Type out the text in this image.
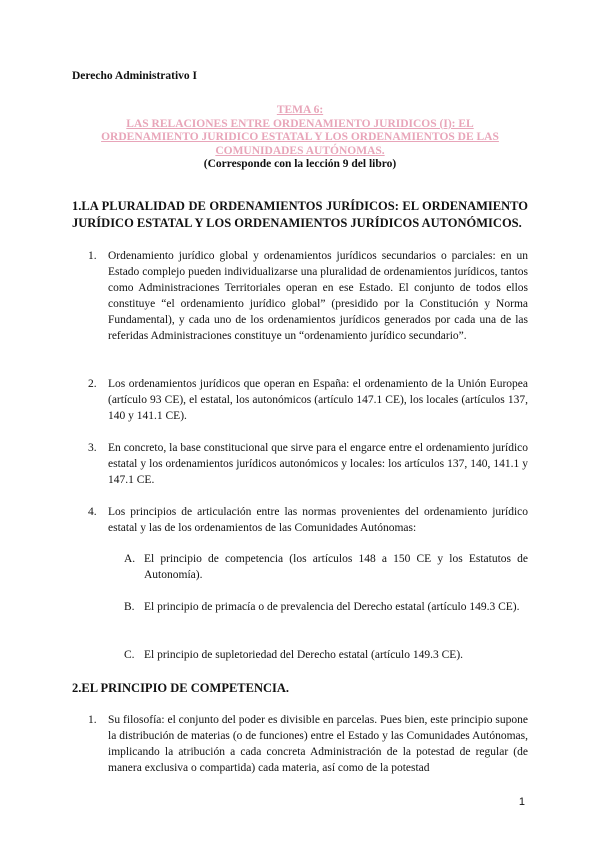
Derecho Administrativo I
TEMA 6:
LAS RELACIONES ENTRE ORDENAMIENTO JURIDICOS (I): EL
ORDENAMIENTO JURIDICO ESTATAL Y LOS ORDENAMIENTOS DE LAS
COMUNIDADES AUTÓNOMAS.
(Corresponde con la lección 9 del libro)
1.LA PLURALIDAD DE ORDENAMIENTOS JURÍDICOS: EL ORDENAMIENTO JURÍDICO ESTATAL Y LOS ORDENAMIENTOS JURÍDICOS AUTONÓMICOS.
1. Ordenamiento jurídico global y ordenamientos jurídicos secundarios o parciales: en un Estado complejo pueden individualizarse una pluralidad de ordenamientos jurídicos, tantos como Administraciones Territoriales operan en ese Estado. El conjunto de todos ellos constituye “el ordenamiento jurídico global” (presidido por la Constitución y Norma Fundamental), y cada uno de los ordenamientos jurídicos generados por cada una de las referidas Administraciones constituye un “ordenamiento jurídico secundario”.
2. Los ordenamientos jurídicos que operan en España: el ordenamiento de la Unión Europea (artículo 93 CE), el estatal, los autonómicos (artículo 147.1 CE), los locales (artículos 137, 140 y 141.1 CE).
3. En concreto, la base constitucional que sirve para el engarce entre el ordenamiento jurídico estatal y los ordenamientos jurídicos autonómicos y locales: los artículos 137, 140, 141.1 y 147.1 CE.
4. Los principios de articulación entre las normas provenientes del ordenamiento jurídico estatal y las de los ordenamientos de las Comunidades Autónomas:
A. El principio de competencia (los artículos 148 a 150 CE y los Estatutos de Autonomía).
B. El principio de primacía o de prevalencia del Derecho estatal (artículo 149.3 CE).
C. El principio de supletoriedad del Derecho estatal (artículo 149.3 CE).
2.EL PRINCIPIO DE COMPETENCIA.
1. Su filosofía: el conjunto del poder es divisible en parcelas. Pues bien, este principio supone la distribución de materias (o de funciones) entre el Estado y las Comunidades Autónomas, implicando la atribución a cada concreta Administración de la potestad de regular (de manera exclusiva o compartida) cada materia, así como de la potestad
1
